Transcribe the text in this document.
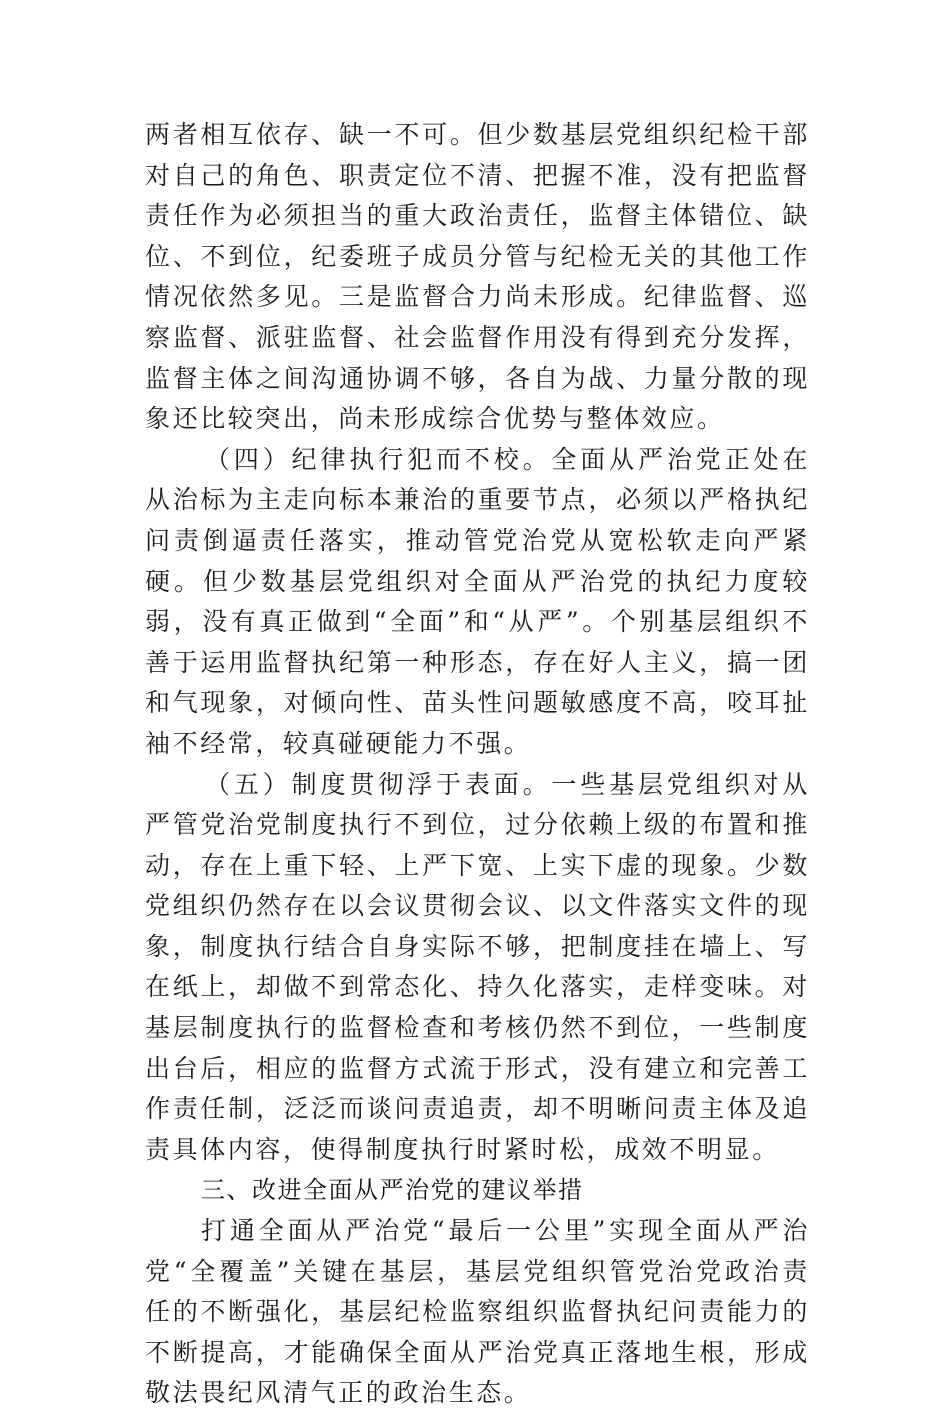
两者相互依存、缺一不可。但少数基层党组织纪检干部对自己的角色、职责定位不清、把握不准，没有把监督责任作为必须担当的重大政治责任，监督主体错位、缺位、不到位，纪委班子成员分管与纪检无关的其他工作情况依然多见。三是监督合力尚未形成。纪律监督、巡察监督、派驻监督、社会监督作用没有得到充分发挥，监督主体之间沟通协调不够，各自为战、力量分散的现象还比较突出，尚未形成综合优势与整体效应。

（四）纪律执行犯而不校。全面从严治党正处在从治标为主走向标本兼治的重要节点，必须以严格执纪问责倒逼责任落实，推动管党治党从宽松软走向严紧硬。但少数基层党组织对全面从严治党的执纪力度较弱，没有真正做到“全面”和“从严”。个别基层组织不善于运用监督执纪第一种形态，存在好人主义，搞一团和气现象，对倾向性、苗头性问题敏感度不高，咬耳扯袖不经常，较真碰硬能力不强。

（五）制度贯彻浮于表面。一些基层党组织对从严管党治党制度执行不到位，过分依赖上级的布置和推动，存在上重下轻、上严下宽、上实下虚的现象。少数党组织仍然存在以会议贯彻会议、以文件落实文件的现象，制度执行结合自身实际不够，把制度挂在墙上、写在纸上，却做不到常态化、持久化落实，走样变味。对基层制度执行的监督检查和考核仍然不到位，一些制度出台后，相应的监督方式流于形式，没有建立和完善工作责任制，泛泛而谈问责追责，却不明晰问责主体及追责具体内容，使得制度执行时紧时松，成效不明显。

三、改进全面从严治党的建议举措

打通全面从严治党“最后一公里”实现全面从严治党“全覆盖”关键在基层，基层党组织管党治党政治责任的不断强化，基层纪检监察组织监督执纪问责能力的不断提高，才能确保全面从严治党真正落地生根，形成敬法畏纪风清气正的政治生态。
